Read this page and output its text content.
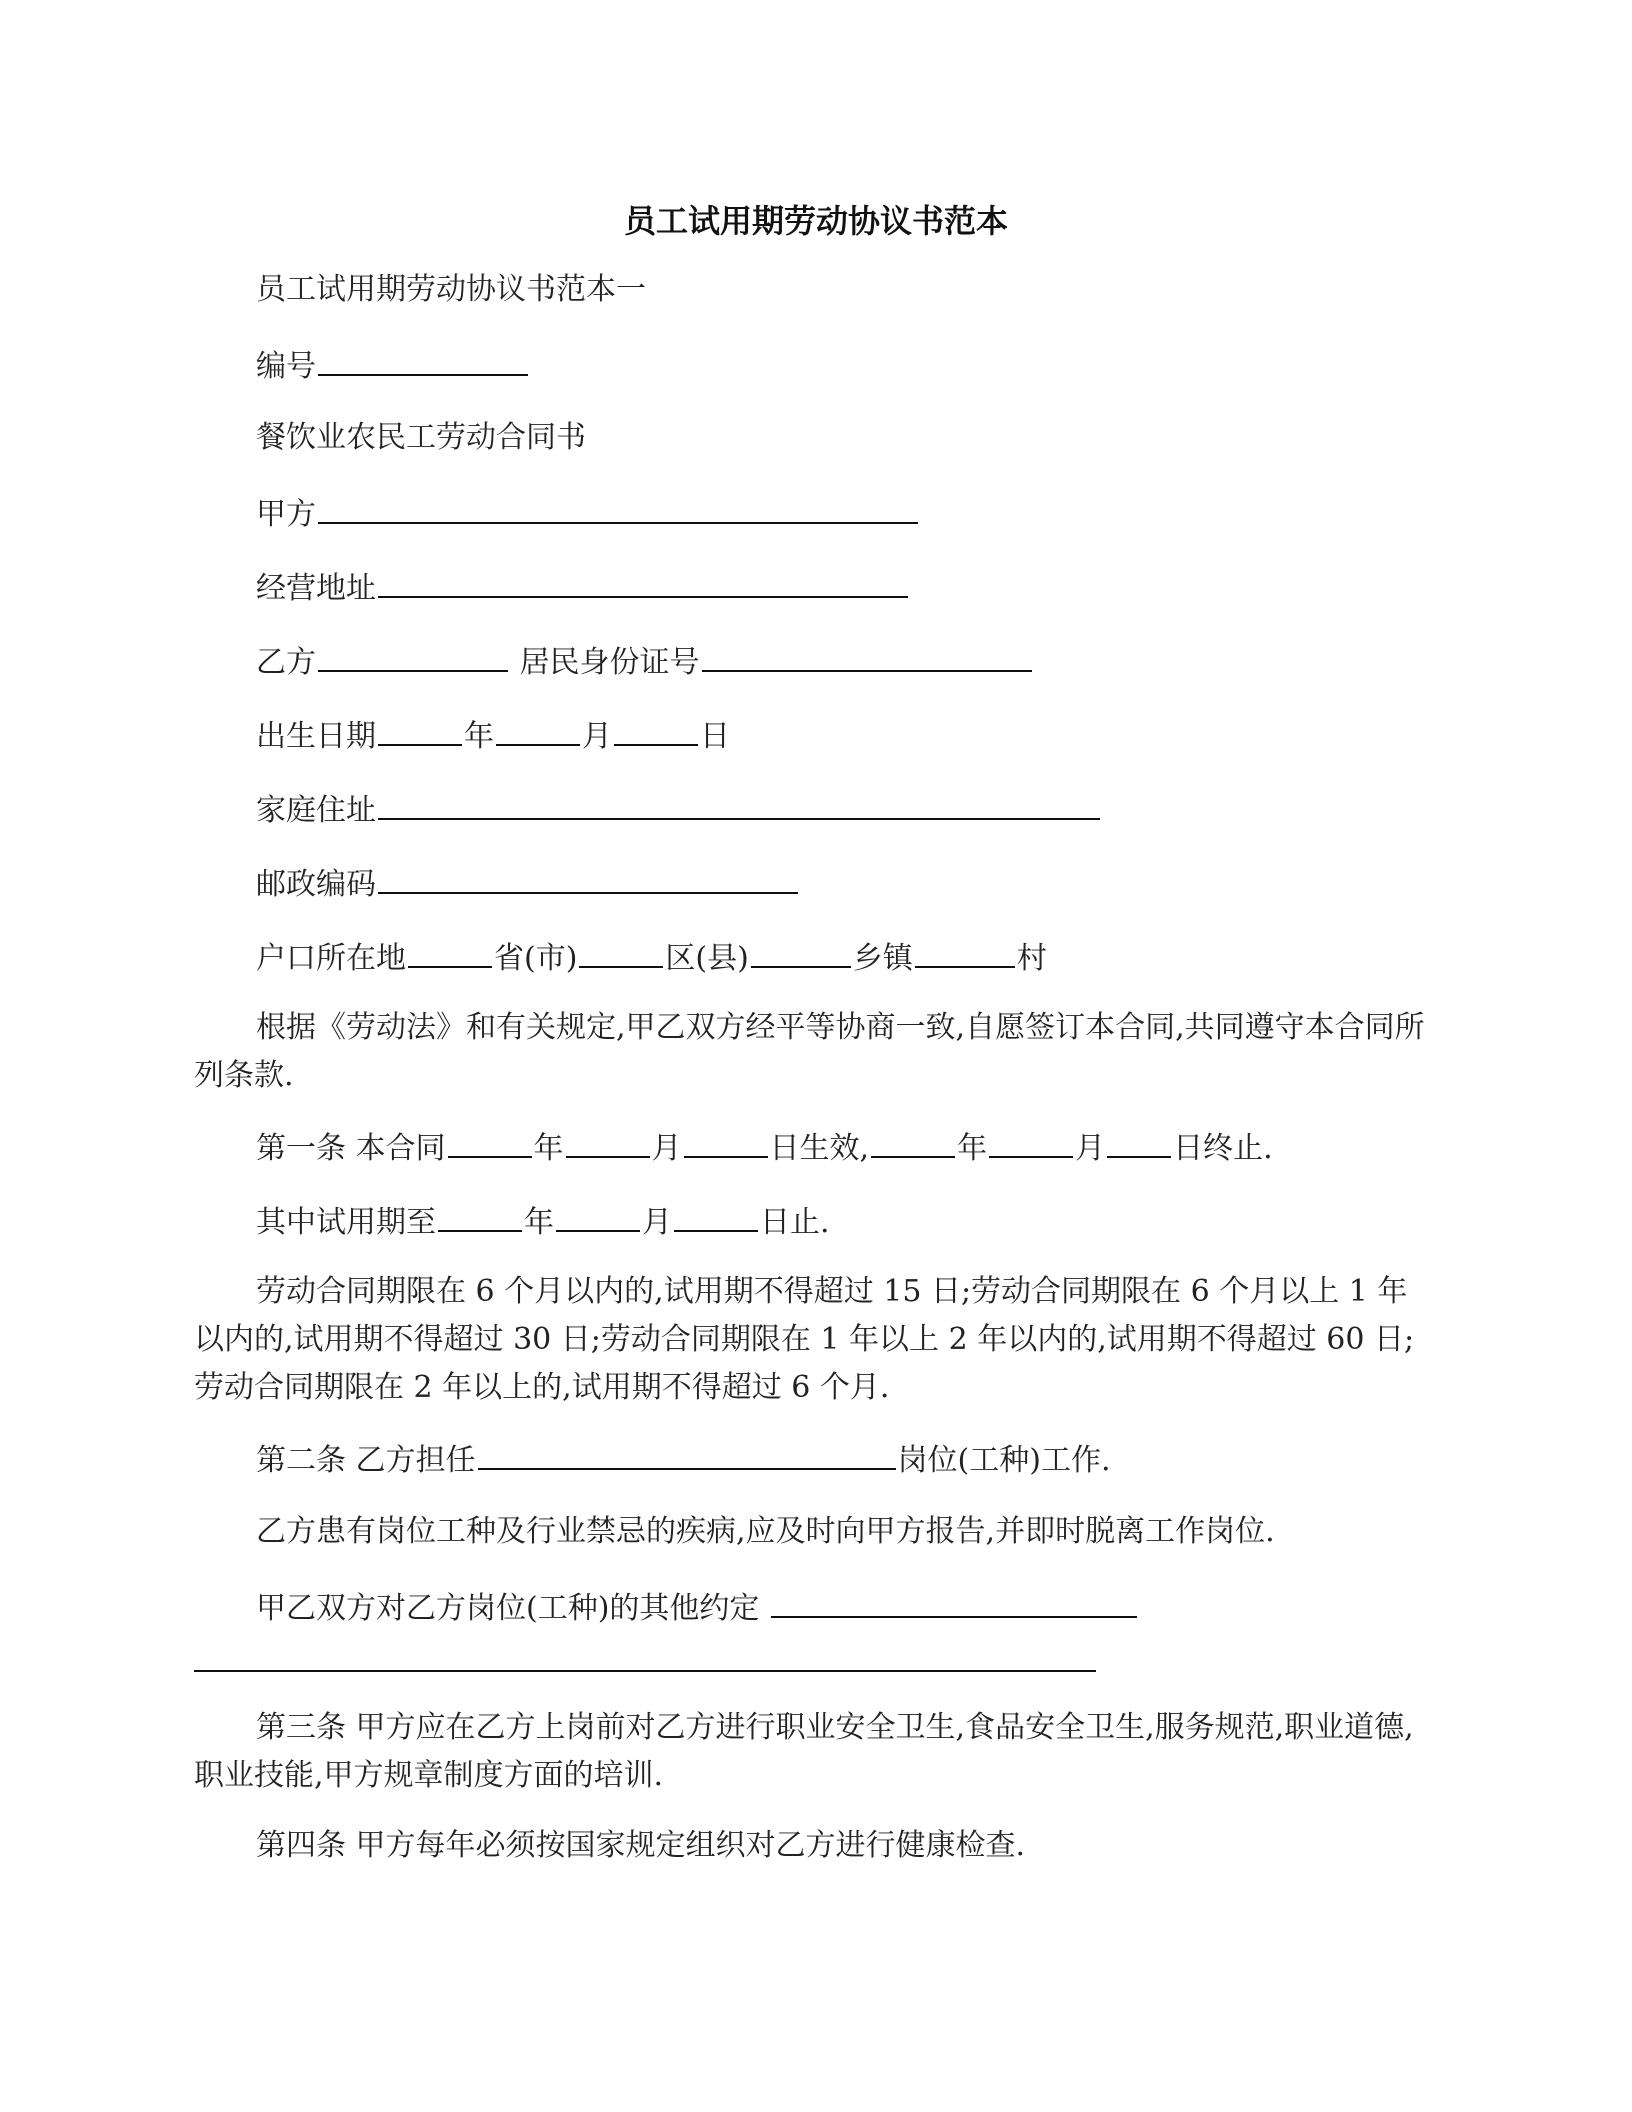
员工试用期劳动协议书范本
员工试用期劳动协议书范本一
编号
餐饮业农民工劳动合同书
甲方
经营地址
乙方	居民身份证号
出生日期	年	月	日
家庭住址
邮政编码
户口所在地	省(市)	区(县)	乡镇	村
根据《劳动法》和有关规定,甲乙双方经平等协商一致,自愿签订本合同,共同遵守本合同所列条款.
第一条 本合同	年	月	日生效,	年	月 日终止.
其中试用期至	年	月	日止.
劳动合同期限在 6 个月以内的,试用期不得超过 15 日;劳动合同期限在 6 个月以上 1 年以内的,试用期不得超过 30 日;劳动合同期限在 1 年以上 2 年以内的,试用期不得超过 60 日;劳动合同期限在 2 年以上的,试用期不得超过 6 个月.
第二条 乙方担任	岗位(工种)工作.
乙方患有岗位工种及行业禁忌的疾病,应及时向甲方报告,并即时脱离工作岗位.
甲乙双方对乙方岗位(工种)的其他约定
第三条 甲方应在乙方上岗前对乙方进行职业安全卫生,食品安全卫生,服务规范,职业道德,职业技能,甲方规章制度方面的培训.
第四条 甲方每年必须按国家规定组织对乙方进行健康检查.
